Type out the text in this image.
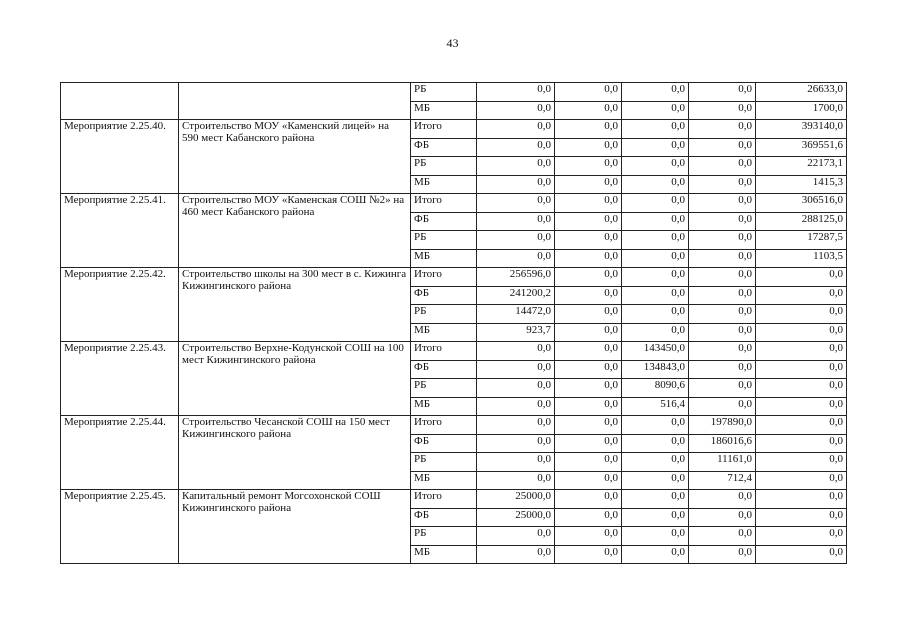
43
		РБ	0,0	0,0	0,0	0,0	26633,0
		МБ	0,0	0,0	0,0	0,0	1700,0
Мероприятие 2.25.40.	Строительство МОУ «Каменский лицей» на 590 мест Кабанского района	Итого	0,0	0,0	0,0	0,0	393140,0
		ФБ	0,0	0,0	0,0	0,0	369551,6
		РБ	0,0	0,0	0,0	0,0	22173,1
		МБ	0,0	0,0	0,0	0,0	1415,3
Мероприятие 2.25.41.	Строительство МОУ «Каменская СОШ №2» на 460 мест Кабанского района	Итого	0,0	0,0	0,0	0,0	306516,0
		ФБ	0,0	0,0	0,0	0,0	288125,0
		РБ	0,0	0,0	0,0	0,0	17287,5
		МБ	0,0	0,0	0,0	0,0	1103,5
Мероприятие 2.25.42.	Строительство школы на 300 мест в с. Кижинга Кижингинского района	Итого	256596,0	0,0	0,0	0,0	0,0
		ФБ	241200,2	0,0	0,0	0,0	0,0
		РБ	14472,0	0,0	0,0	0,0	0,0
		МБ	923,7	0,0	0,0	0,0	0,0
Мероприятие 2.25.43.	Строительство Верхне-Кодунской СОШ на 100 мест Кижингинского района	Итого	0,0	0,0	143450,0	0,0	0,0
		ФБ	0,0	0,0	134843,0	0,0	0,0
		РБ	0,0	0,0	8090,6	0,0	0,0
		МБ	0,0	0,0	516,4	0,0	0,0
Мероприятие 2.25.44.	Строительство Чесанской СОШ на 150 мест Кижингинского района	Итого	0,0	0,0	0,0	197890,0	0,0
		ФБ	0,0	0,0	0,0	186016,6	0,0
		РБ	0,0	0,0	0,0	11161,0	0,0
		МБ	0,0	0,0	0,0	712,4	0,0
Мероприятие 2.25.45.	Капитальный ремонт Могсохонской СОШ Кижингинского района	Итого	25000,0	0,0	0,0	0,0	0,0
		ФБ	25000,0	0,0	0,0	0,0	0,0
		РБ	0,0	0,0	0,0	0,0	0,0
		МБ	0,0	0,0	0,0	0,0	0,0
